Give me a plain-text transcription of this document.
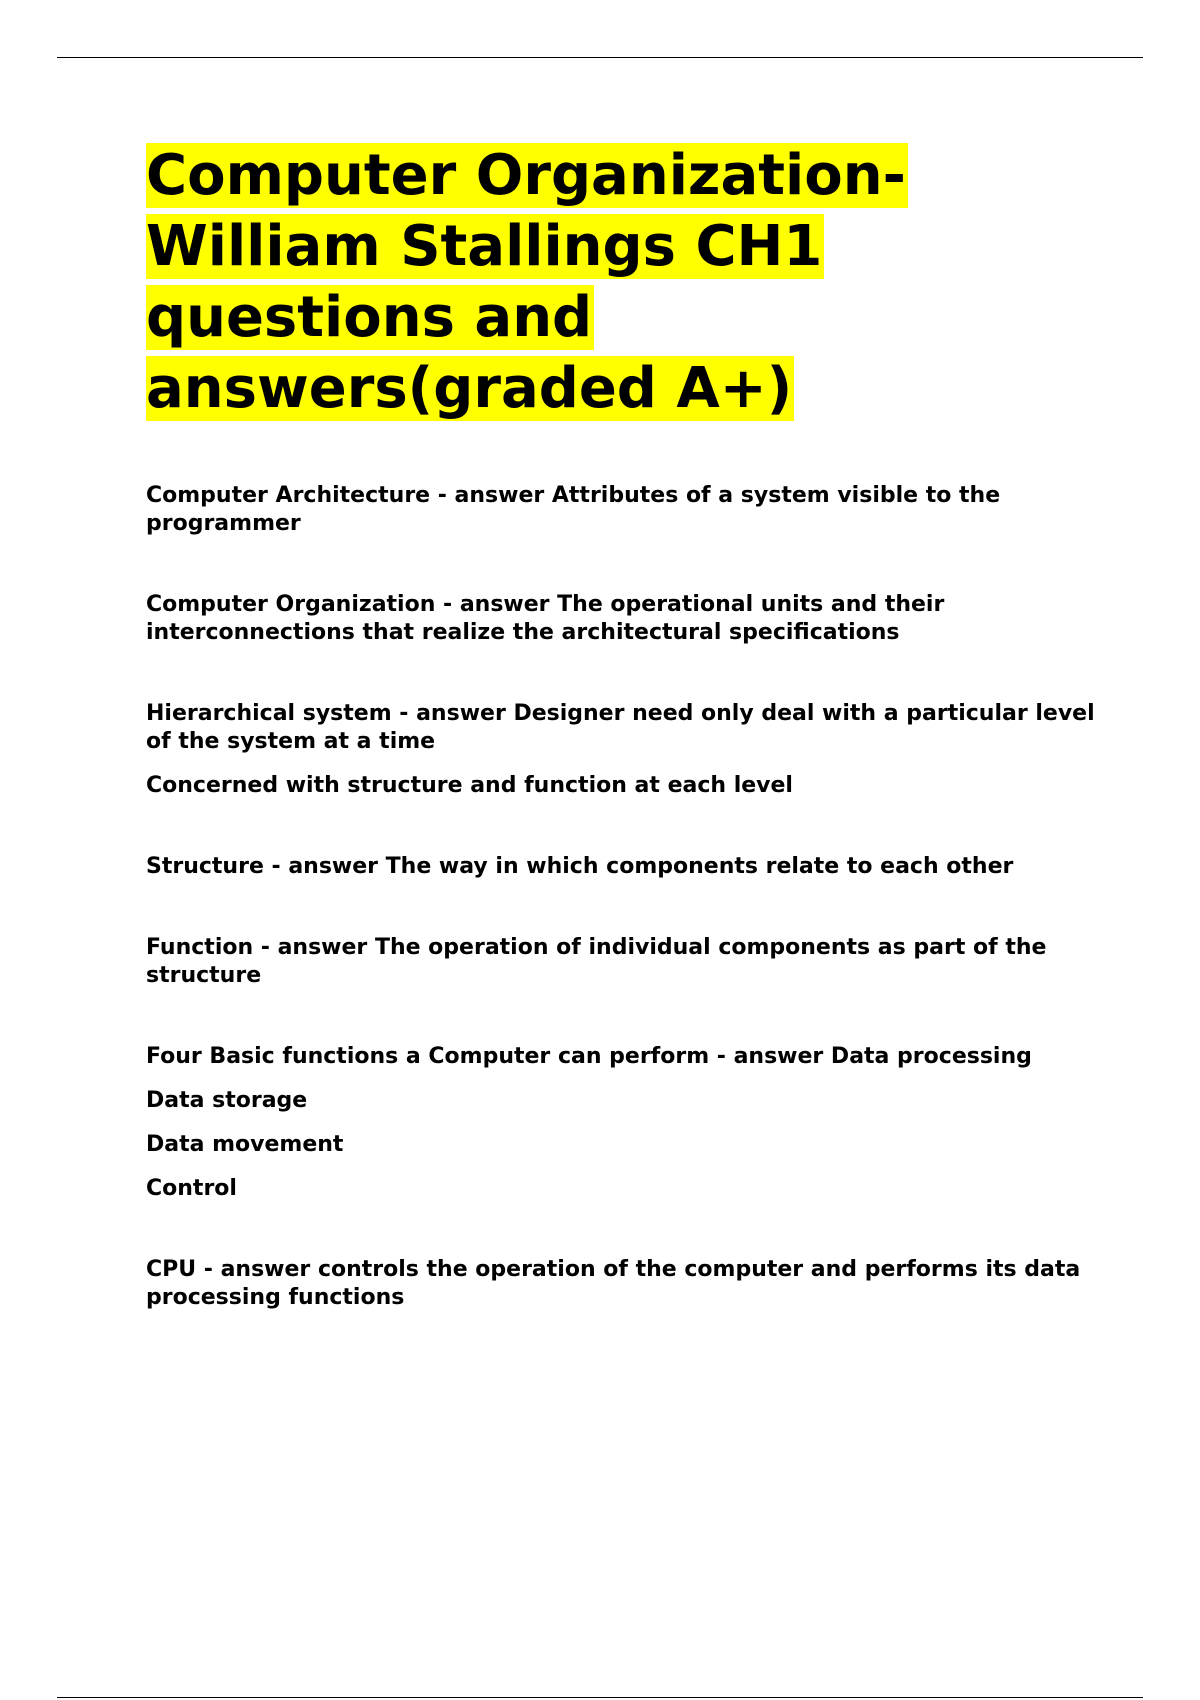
Computer Organization-
William Stallings CH1
questions and
answers(graded A+)

Computer Architecture - answer Attributes of a system visible to the programmer

Computer Organization - answer The operational units and their interconnections that realize the architectural specifications

Hierarchical system - answer Designer need only deal with a particular level of the system at a time

Concerned with structure and function at each level

Structure - answer The way in which components relate to each other

Function - answer The operation of individual components as part of the structure

Four Basic functions a Computer can perform - answer Data processing

Data storage

Data movement

Control

CPU - answer controls the operation of the computer and performs its data processing functions
